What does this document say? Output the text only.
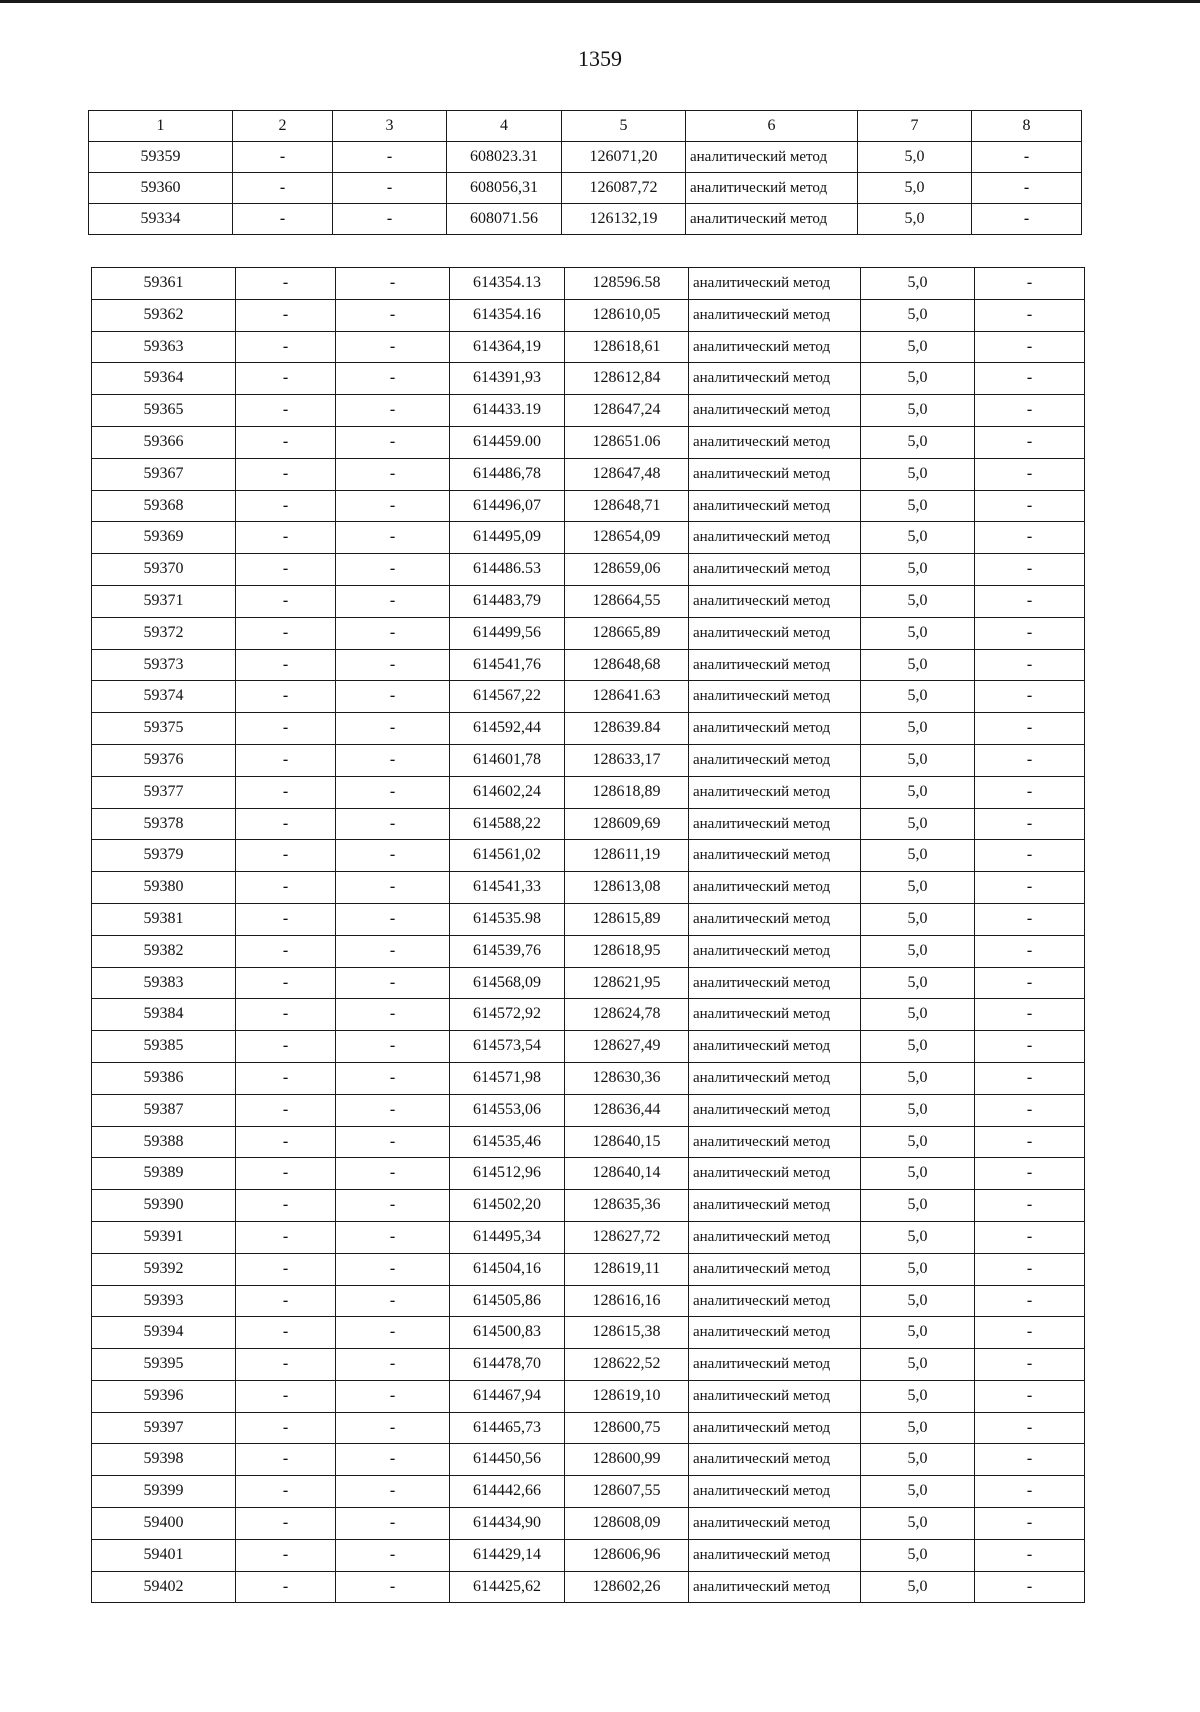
1359
1	2	3	4	5	6	7	8
59359	-	-	608023.31	126071,20	аналитический метод	5,0	-
59360	-	-	608056,31	126087,72	аналитический метод	5,0	-
59334	-	-	608071.56	126132,19	аналитический метод	5,0	-
59361	-	-	614354.13	128596.58	аналитический метод	5,0	-
59362	-	-	614354.16	128610,05	аналитический метод	5,0	-
59363	-	-	614364,19	128618,61	аналитический метод	5,0	-
59364	-	-	614391,93	128612,84	аналитический метод	5,0	-
59365	-	-	614433.19	128647,24	аналитический метод	5,0	-
59366	-	-	614459.00	128651.06	аналитический метод	5,0	-
59367	-	-	614486,78	128647,48	аналитический метод	5,0	-
59368	-	-	614496,07	128648,71	аналитический метод	5,0	-
59369	-	-	614495,09	128654,09	аналитический метод	5,0	-
59370	-	-	614486.53	128659,06	аналитический метод	5,0	-
59371	-	-	614483,79	128664,55	аналитический метод	5,0	-
59372	-	-	614499,56	128665,89	аналитический метод	5,0	-
59373	-	-	614541,76	128648,68	аналитический метод	5,0	-
59374	-	-	614567,22	128641.63	аналитический метод	5,0	-
59375	-	-	614592,44	128639.84	аналитический метод	5,0	-
59376	-	-	614601,78	128633,17	аналитический метод	5,0	-
59377	-	-	614602,24	128618,89	аналитический метод	5,0	-
59378	-	-	614588,22	128609,69	аналитический метод	5,0	-
59379	-	-	614561,02	128611,19	аналитический метод	5,0	-
59380	-	-	614541,33	128613,08	аналитический метод	5,0	-
59381	-	-	614535.98	128615,89	аналитический метод	5,0	-
59382	-	-	614539,76	128618,95	аналитический метод	5,0	-
59383	-	-	614568,09	128621,95	аналитический метод	5,0	-
59384	-	-	614572,92	128624,78	аналитический метод	5,0	-
59385	-	-	614573,54	128627,49	аналитический метод	5,0	-
59386	-	-	614571,98	128630,36	аналитический метод	5,0	-
59387	-	-	614553,06	128636,44	аналитический метод	5,0	-
59388	-	-	614535,46	128640,15	аналитический метод	5,0	-
59389	-	-	614512,96	128640,14	аналитический метод	5,0	-
59390	-	-	614502,20	128635,36	аналитический метод	5,0	-
59391	-	-	614495,34	128627,72	аналитический метод	5,0	-
59392	-	-	614504,16	128619,11	аналитический метод	5,0	-
59393	-	-	614505,86	128616,16	аналитический метод	5,0	-
59394	-	-	614500,83	128615,38	аналитический метод	5,0	-
59395	-	-	614478,70	128622,52	аналитический метод	5,0	-
59396	-	-	614467,94	128619,10	аналитический метод	5,0	-
59397	-	-	614465,73	128600,75	аналитический метод	5,0	-
59398	-	-	614450,56	128600,99	аналитический метод	5,0	-
59399	-	-	614442,66	128607,55	аналитический метод	5,0	-
59400	-	-	614434,90	128608,09	аналитический метод	5,0	-
59401	-	-	614429,14	128606,96	аналитический метод	5,0	-
59402	-	-	614425,62	128602,26	аналитический метод	5,0	-
